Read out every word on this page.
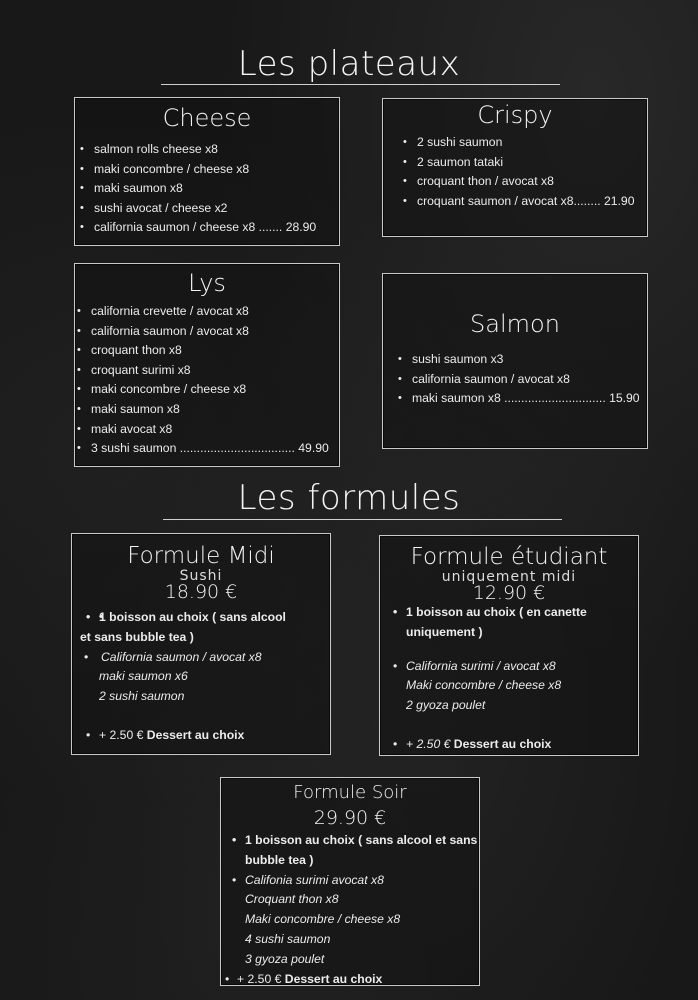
Les plateaux
Cheese
• salmon rolls cheese x8
• maki concombre / cheese x8
• maki saumon x8
• sushi avocat / cheese x2
• california saumon / cheese x8 ....... 28.90
Crispy
• 2 sushi saumon
• 2 saumon tataki
• croquant thon / avocat x8
• croquant saumon / avocat x8........ 21.90
Lys
• california crevette / avocat x8
• california saumon / avocat x8
• croquant thon x8
• croquant surimi x8
• maki concombre / cheese x8
• maki saumon x8
• maki avocat x8
• 3 sushi saumon .................................. 49.90
Salmon
• sushi saumon x3
• california saumon / avocat x8
• maki saumon x8 .............................. 15.90
Les formules
Formule Midi
Sushi
18.90 €
• • 1 boisson au choix ( sans alcool
et sans bubble tea )
• California saumon / avocat x8
maki saumon x6
2 sushi saumon
• + 2.50 € Dessert au choix
Formule étudiant
uniquement midi
12.90 €
• 1 boisson au choix ( en canette
uniquement )
• California surimi / avocat x8
Maki concombre / cheese x8
2 gyoza poulet
• + 2.50 € Dessert au choix
Formule Soir
29.90 €
• 1 boisson au choix ( sans alcool et sans
bubble tea )
• Califonia surimi avocat x8
Croquant thon x8
Maki concombre / cheese x8
4 sushi saumon
3 gyoza poulet
• + 2.50 € Dessert au choix
